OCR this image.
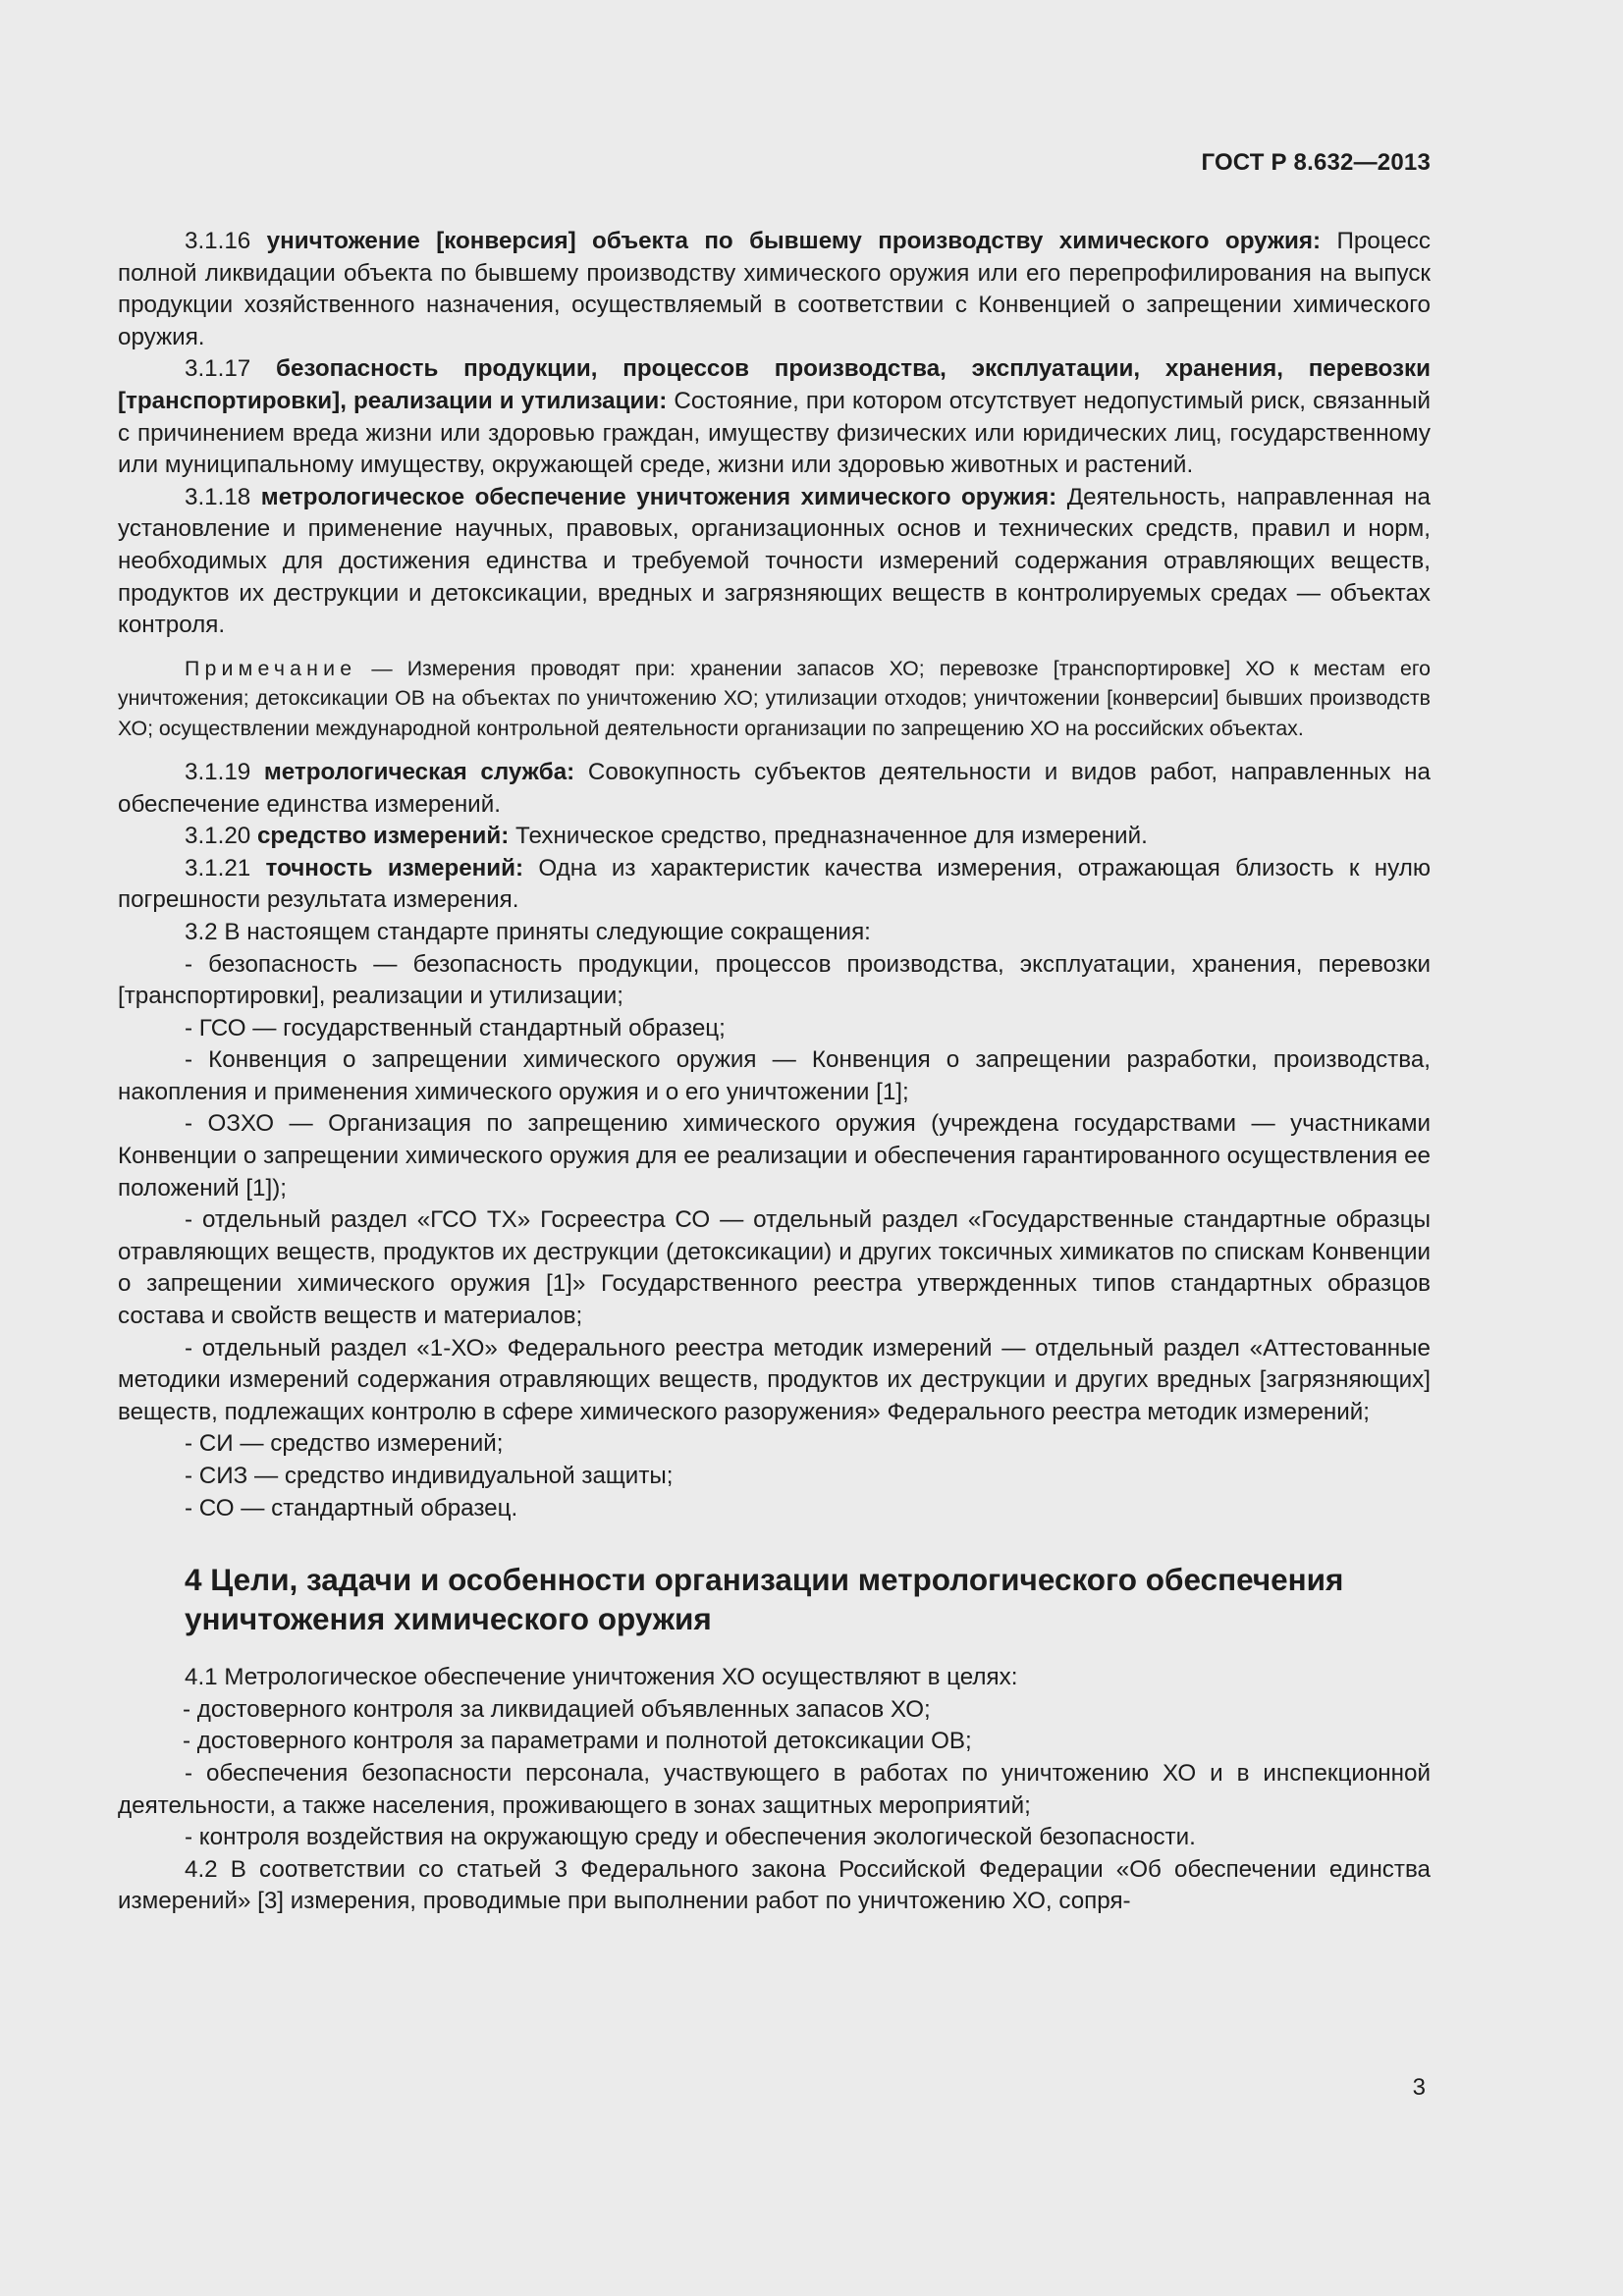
ГОСТ Р 8.632—2013

3.1.16 уничтожение [конверсия] объекта по бывшему производству химического оружия: Процесс полной ликвидации объекта по бывшему производству химического оружия или его перепрофилирования на выпуск продукции хозяйственного назначения, осуществляемый в соответствии с Конвенцией о запрещении химического оружия.

3.1.17 безопасность продукции, процессов производства, эксплуатации, хранения, перевозки [транспортировки], реализации и утилизации: Состояние, при котором отсутствует недопустимый риск, связанный с причинением вреда жизни или здоровью граждан, имуществу физических или юридических лиц, государственному или муниципальному имуществу, окружающей среде, жизни или здоровью животных и растений.

3.1.18 метрологическое обеспечение уничтожения химического оружия: Деятельность, направленная на установление и применение научных, правовых, организационных основ и технических средств, правил и норм, необходимых для достижения единства и требуемой точности измерений содержания отравляющих веществ, продуктов их деструкции и детоксикации, вредных и загрязняющих веществ в контролируемых средах — объектах контроля.

Примечание — Измерения проводят при: хранении запасов ХО; перевозке [транспортировке] ХО к местам его уничтожения; детоксикации ОВ на объектах по уничтожению ХО; утилизации отходов; уничтожении [конверсии] бывших производств ХО; осуществлении международной контрольной деятельности организации по запрещению ХО на российских объектах.

3.1.19 метрологическая служба: Совокупность субъектов деятельности и видов работ, направленных на обеспечение единства измерений.

3.1.20 средство измерений: Техническое средство, предназначенное для измерений.

3.1.21 точность измерений: Одна из характеристик качества измерения, отражающая близость к нулю погрешности результата измерения.

3.2 В настоящем стандарте приняты следующие сокращения:

- безопасность — безопасность продукции, процессов производства, эксплуатации, хранения, перевозки [транспортировки], реализации и утилизации;

- ГСО — государственный стандартный образец;

- Конвенция о запрещении химического оружия — Конвенция о запрещении разработки, производства, накопления и применения химического оружия и о его уничтожении [1];

- ОЗХО — Организация по запрещению химического оружия (учреждена государствами — участниками Конвенции о запрещении химического оружия для ее реализации и обеспечения гарантированного осуществления ее положений [1]);

- отдельный раздел «ГСО ТХ» Госреестра СО — отдельный раздел «Государственные стандартные образцы отравляющих веществ, продуктов их деструкции (детоксикации) и других токсичных химикатов по спискам Конвенции о запрещении химического оружия [1]» Государственного реестра утвержденных типов стандартных образцов состава и свойств веществ и материалов;

- отдельный раздел «1-ХО» Федерального реестра методик измерений — отдельный раздел «Аттестованные методики измерений содержания отравляющих веществ, продуктов их деструкции и других вредных [загрязняющих] веществ, подлежащих контролю в сфере химического разоружения» Федерального реестра методик измерений;

- СИ — средство измерений;

- СИЗ — средство индивидуальной защиты;

- СО — стандартный образец.

4 Цели, задачи и особенности организации метрологического обеспечения уничтожения химического оружия

4.1 Метрологическое обеспечение уничтожения ХО осуществляют в целях:

- достоверного контроля за ликвидацией объявленных запасов ХО;

- достоверного контроля за параметрами и полнотой детоксикации ОВ;

- обеспечения безопасности персонала, участвующего в работах по уничтожению ХО и в инспекционной деятельности, а также населения, проживающего в зонах защитных мероприятий;

- контроля воздействия на окружающую среду и обеспечения экологической безопасности.

4.2 В соответствии со статьей 3 Федерального закона Российской Федерации «Об обеспечении единства измерений» [3] измерения, проводимые при выполнении работ по уничтожению ХО, сопря-

3
